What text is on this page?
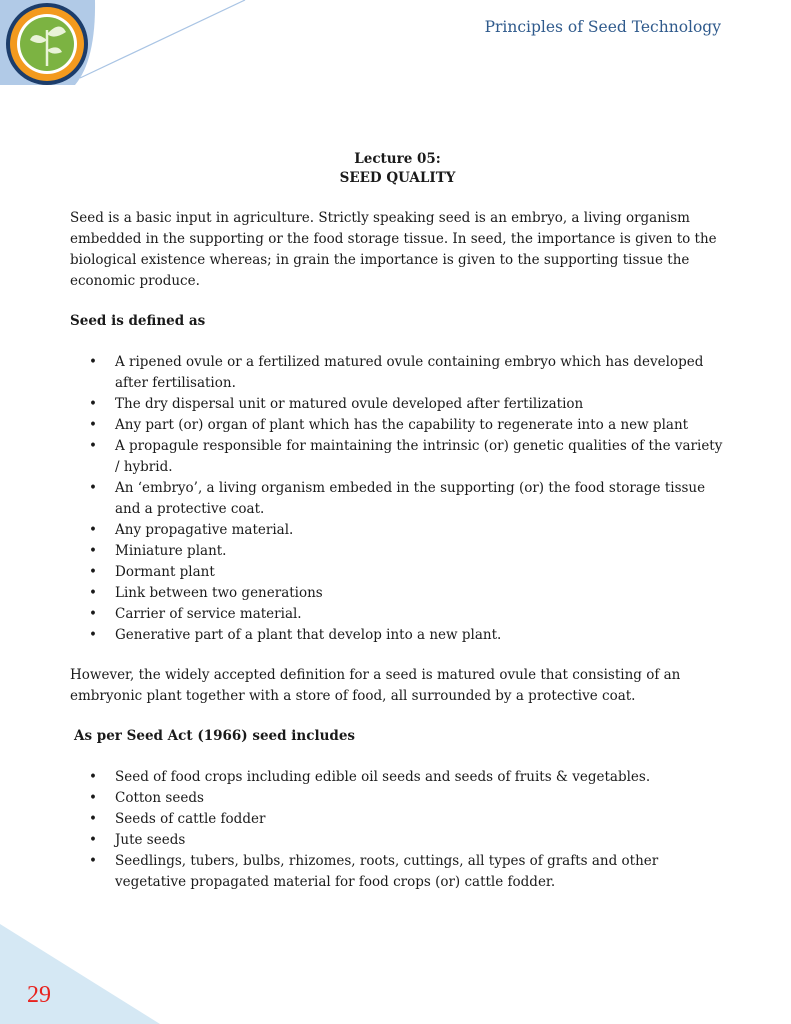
Principles of Seed Technology
Lecture 05:
SEED QUALITY

Seed is a basic input in agriculture. Strictly speaking seed is an embryo, a living organism embedded in the supporting or the food storage tissue. In seed, the importance is given to the biological existence whereas; in grain the importance is given to the supporting tissue the economic produce.

Seed is defined as

• A ripened ovule or a fertilized matured ovule containing embryo which has developed after fertilisation.
• The dry dispersal unit or matured ovule developed after fertilization
• Any part (or) organ of plant which has the capability to regenerate into a new plant
• A propagule responsible for maintaining the intrinsic (or) genetic qualities of the variety / hybrid.
• An ‘embryo’, a living organism embeded in the supporting (or) the food storage tissue and a protective coat.
• Any propagative material.
• Miniature plant.
• Dormant plant
• Link between two generations
• Carrier of service material.
• Generative part of a plant that develop into a new plant.

However, the widely accepted definition for a seed is matured ovule that consisting of an embryonic plant together with a store of food, all surrounded by a protective coat.

As per Seed Act (1966) seed includes

• Seed of food crops including edible oil seeds and seeds of fruits & vegetables.
• Cotton seeds
• Seeds of cattle fodder
• Jute seeds
• Seedlings, tubers, bulbs, rhizomes, roots, cuttings, all types of grafts and other vegetative propagated material for food crops (or) cattle fodder.
29
